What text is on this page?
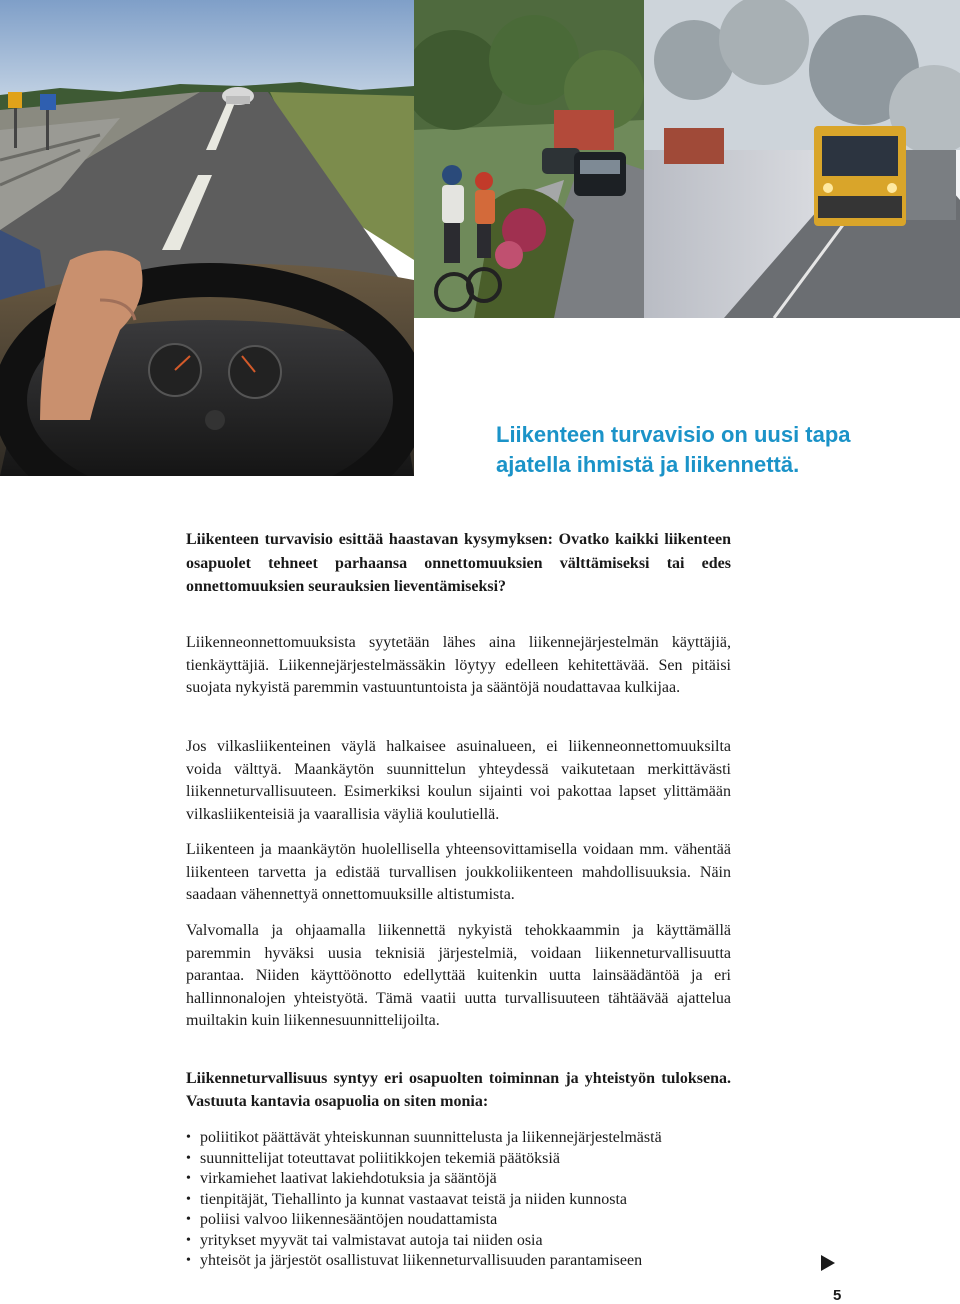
Liikenteen turvavisio on uusi tapa
ajatella ihmistä ja liikennettä.

Liikenteen turvavisio esittää haastavan kysymyksen: Ovatko kaikki liikenteen osapuolet tehneet parhaansa onnettomuuksien välttämiseksi tai edes onnettomuuksien seurauksien lieventämiseksi?

Liikenneonnettomuuksista syytetään lähes aina liikennejärjestelmän käyttäjiä, tienkäyttäjiä. Liikennejärjestelmässäkin löytyy edelleen kehitettävää. Sen pitäisi suojata nykyistä paremmin vastuuntuntoista ja sääntöjä noudattavaa kulkijaa.

Jos vilkasliikenteinen väylä halkaisee asuinalueen, ei liikenneonnettomuuksilta voida välttyä. Maankäytön suunnittelun yhteydessä vaikutetaan merkittävästi liikenneturvallisuuteen. Esimerkiksi koulun sijainti voi pakottaa lapset ylittämään vilkasliikenteisiä ja vaarallisia väyliä koulutiellä.

Liikenteen ja maankäytön huolellisella yhteensovittamisella voidaan mm. vähentää liikenteen tarvetta ja edistää turvallisen joukkoliikenteen mahdollisuuksia. Näin saadaan vähennettyä onnettomuuksille altistumista.

Valvomalla ja ohjaamalla liikennettä nykyistä tehokkaammin ja käyttämällä paremmin hyväksi uusia teknisiä järjestelmiä, voidaan liikenneturvallisuutta parantaa. Niiden käyttöönotto edellyttää kuitenkin uutta lainsäädäntöä ja eri hallinnonalojen yhteistyötä. Tämä vaatii uutta turvallisuuteen tähtäävää ajattelua muiltakin kuin liikennesuunnittelijoilta.

Liikenneturvallisuus syntyy eri osapuolten toiminnan ja yhteistyön tuloksena. Vastuuta kantavia osapuolia on siten monia:

• poliitikot päättävät yhteiskunnan suunnittelusta ja liikennejärjestelmästä
• suunnittelijat toteuttavat poliitikkojen tekemiä päätöksiä
• virkamiehet laativat lakiehdotuksia ja sääntöjä
• tienpitäjät, Tiehallinto ja kunnat vastaavat teistä ja niiden kunnosta
• poliisi valvoo liikennesääntöjen noudattamista
• yritykset myyvät tai valmistavat autoja tai niiden osia
• yhteisöt ja järjestöt osallistuvat liikenneturvallisuuden parantamiseen

5
